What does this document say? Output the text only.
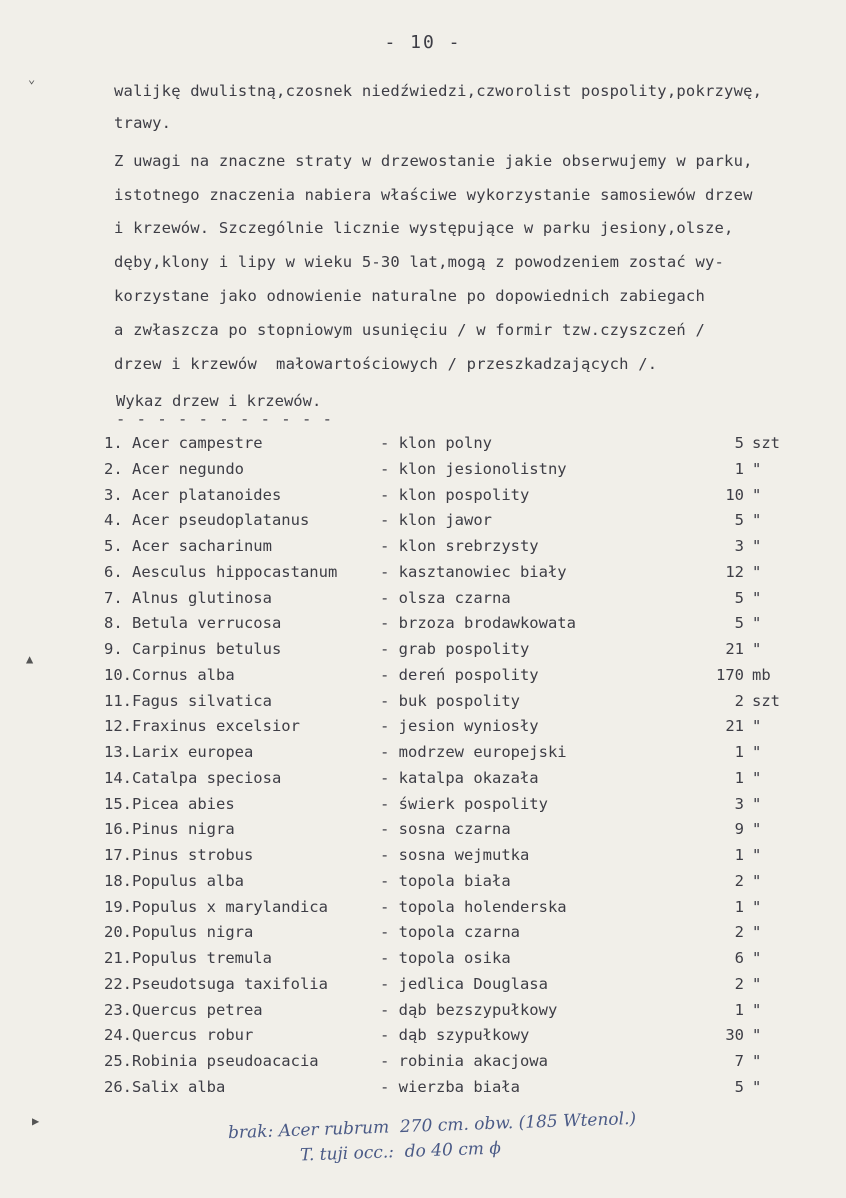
- 10 -
walijkę dwulistną,czosnek niedźwiedzi,czworolist pospolity,pokrzywę,
trawy.
Z uwagi na znaczne straty w drzewostanie jakie obserwujemy w parku,
istotnego znaczenia nabiera właściwe wykorzystanie samosiewów drzew
i krzewów. Szczególnie licznie występujące w parku jesiony,olsze,
dęby,klony i lipy w wieku 5-30 lat,mogą z powodzeniem zostać wy-
korzystane jako odnowienie naturalne po dopowiednich zabiegach
a zwłaszcza po stopniowym usunięciu / w formir tzw.czyszczeń /
drzew i krzewów  małowartościowych / przeszkadzających /.
Wykaz drzew i krzewów.
- - - - - - - - - - -
1. Acer campestre	- klon polny	5 szt
2. Acer negundo	- klon jesionolistny	1 "
3. Acer platanoides	- klon pospolity	10 "
4. Acer pseudoplatanus	- klon jawor	5 "
5. Acer sacharinum	- klon srebrzysty	3 "
6. Aesculus hippocastanum	- kasztanowiec biały	12 "
7. Alnus glutinosa	- olsza czarna	5 "
8. Betula verrucosa	- brzoza brodawkowata	5 "
9. Carpinus betulus	- grab pospolity	21 "
10.Cornus alba	- dereń pospolity	170 mb
11.Fagus silvatica	- buk pospolity	2 szt
12.Fraxinus excelsior	- jesion wyniosły	21 "
13.Larix europea	- modrzew europejski	1 "
14.Catalpa speciosa	- katalpa okazała	1 "
15.Picea abies	- świerk pospolity	3 "
16.Pinus nigra	- sosna czarna	9 "
17.Pinus strobus	- sosna wejmutka	1 "
18.Populus alba	- topola biała	2 "
19.Populus x marylandica	- topola holenderska	1 "
20.Populus nigra	- topola czarna	2 "
21.Populus tremula	- topola osika	6 "
22.Pseudotsuga taxifolia	- jedlica Douglasa	2 "
23.Quercus petrea	- dąb bezszypułkowy	1 "
24.Quercus robur	- dąb szypułkowy	30 "
25.Robinia pseudoacacia	- robinia akacjowa	7 "
26.Salix alba	- wierzba biała	5 "
brak: Acer rubrum  270 cm. obw. (185 Wtenol.)
T. tuji occ.:  do 40 cm ϕ
⌄
▲
▶
